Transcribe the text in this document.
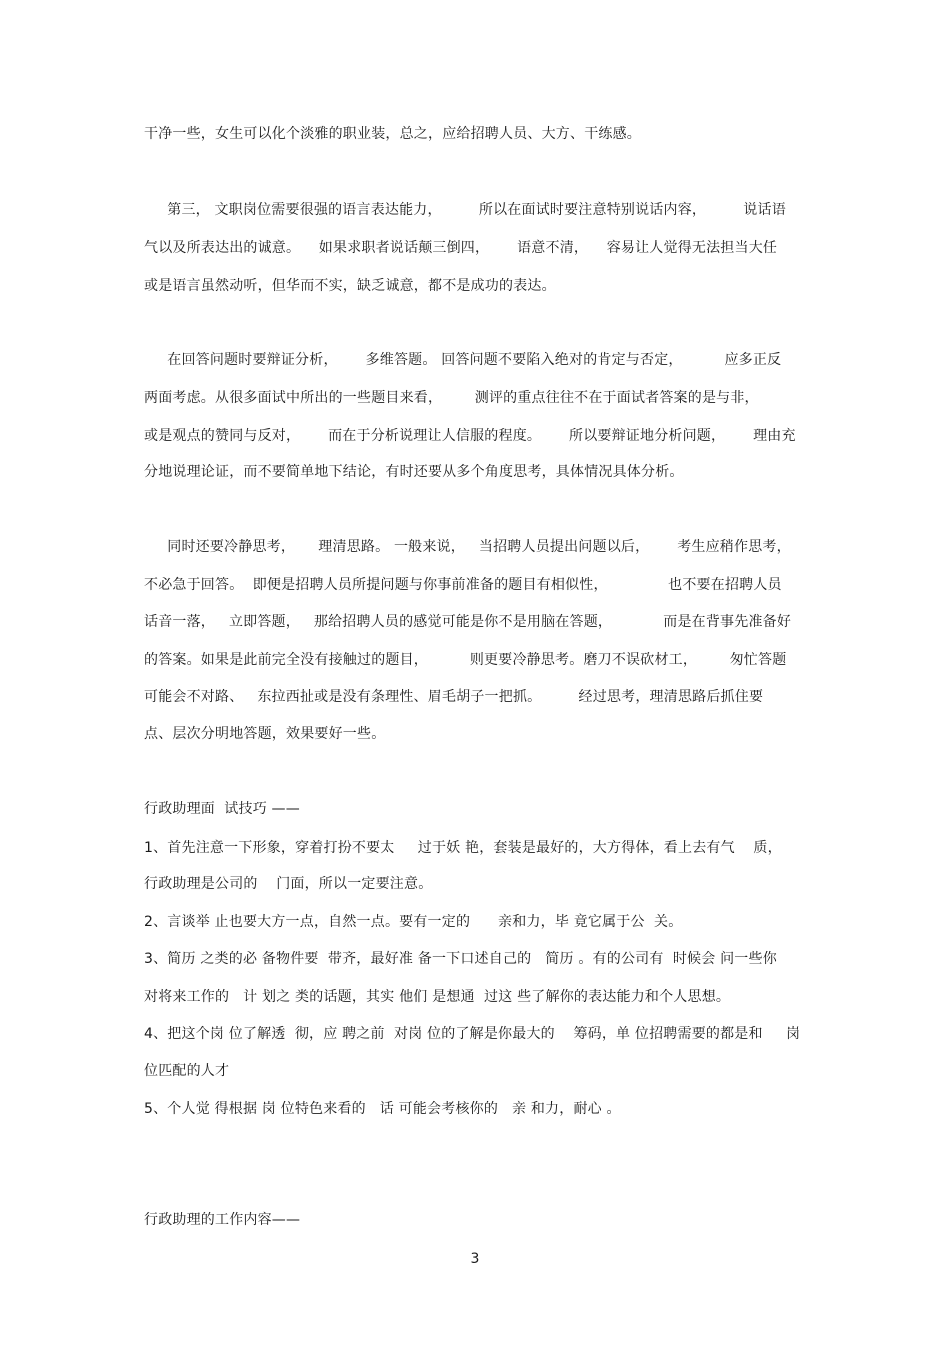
干净一些，女生可以化个淡雅的职业装，总之，应给招聘人员、大方、干练感。
第三， 文职岗位需要很强的语言表达能力，        所以在面试时要注意特别说话内容，        说话语
气以及所表达出的诚意。    如果求职者说话颠三倒四，      语意不清，    容易让人觉得无法担当大任
或是语言虽然动听，但华而不实，缺乏诚意，都不是成功的表达。
在回答问题时要辩证分析，      多维答题。 回答问题不要陷入绝对的肯定与否定，         应多正反
两面考虑。从很多面试中所出的一些题目来看，       测评的重点往往不在于面试者答案的是与非，
或是观点的赞同与反对，      而在于分析说理让人信服的程度。      所以要辩证地分析问题，      理由充
分地说理论证，而不要简单地下结论，有时还要从多个角度思考，具体情况具体分析。
同时还要冷静思考，     理清思路。 一般来说，   当招聘人员提出问题以后，      考生应稍作思考，
不必急于回答。  即便是招聘人员所提问题与你事前准备的题目有相似性，             也不要在招聘人员
话音一落，   立即答题，   那给招聘人员的感觉可能是你不是用脑在答题，           而是在背事先准备好
的答案。如果是此前完全没有接触过的题目，         则更要冷静思考。磨刀不误砍材工，       匆忙答题
可能会不对路、   东拉西扯或是没有条理性、眉毛胡子一把抓。        经过思考，理清思路后抓住要
点、层次分明地答题，效果要好一些。
行政助理面  试技巧 ——
1、首先注意一下形象，穿着打扮不要太     过于妖 艳，套装是最好的，大方得体，看上去有气    质，
行政助理是公司的    门面，所以一定要注意。
2、言谈举 止也要大方一点，自然一点。要有一定的      亲和力，毕 竟它属于公  关。
3、简历 之类的必 备物件要  带齐，最好准 备一下口述自己的   简历 。有的公司有  时候会 问一些你
对将来工作的   计 划之 类的话题，其实 他们 是想通  过这 些了解你的表达能力和个人思想。
4、把这个岗 位了解透  彻，应 聘之前  对岗 位的了解是你最大的    筹码，单 位招聘需要的都是和     岗
位匹配的人才
5、个人觉 得根据 岗 位特色来看的   话 可能会考核你的   亲 和力，耐心 。
行政助理的工作内容——
3
